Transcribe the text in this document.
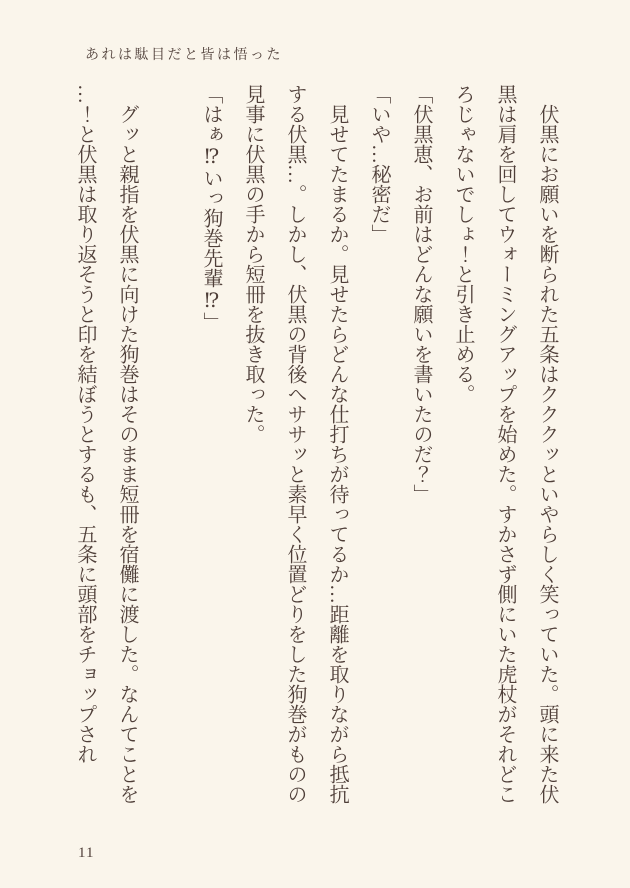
あれは駄目だと皆は悟った

　伏黒にお願いを断られた五条はクククッといやらしく笑っていた。頭に来た伏

黒は肩を回してウォーミングアップを始めた。すかさず側にいた虎杖がそれどこ

ろじゃないでしょ！と引き止める。

「伏黒恵、お前はどんな願いを書いたのだ？」

「いや…秘密だ」

　見せてたまるか。見せたらどんな仕打ちが待ってるか…距離を取りながら抵抗

する伏黒…。しかし、伏黒の背後へササッと素早く位置どりをした狗巻がものの

見事に伏黒の手から短冊を抜き取った。

「はぁ⁉いっ狗巻先輩⁉」

​

　グッと親指を伏黒に向けた狗巻はそのまま短冊を宿儺に渡した。なんてことを

…！と伏黒は取り返そうと印を結ぼうとするも、五条に頭部をチョップされ

11
